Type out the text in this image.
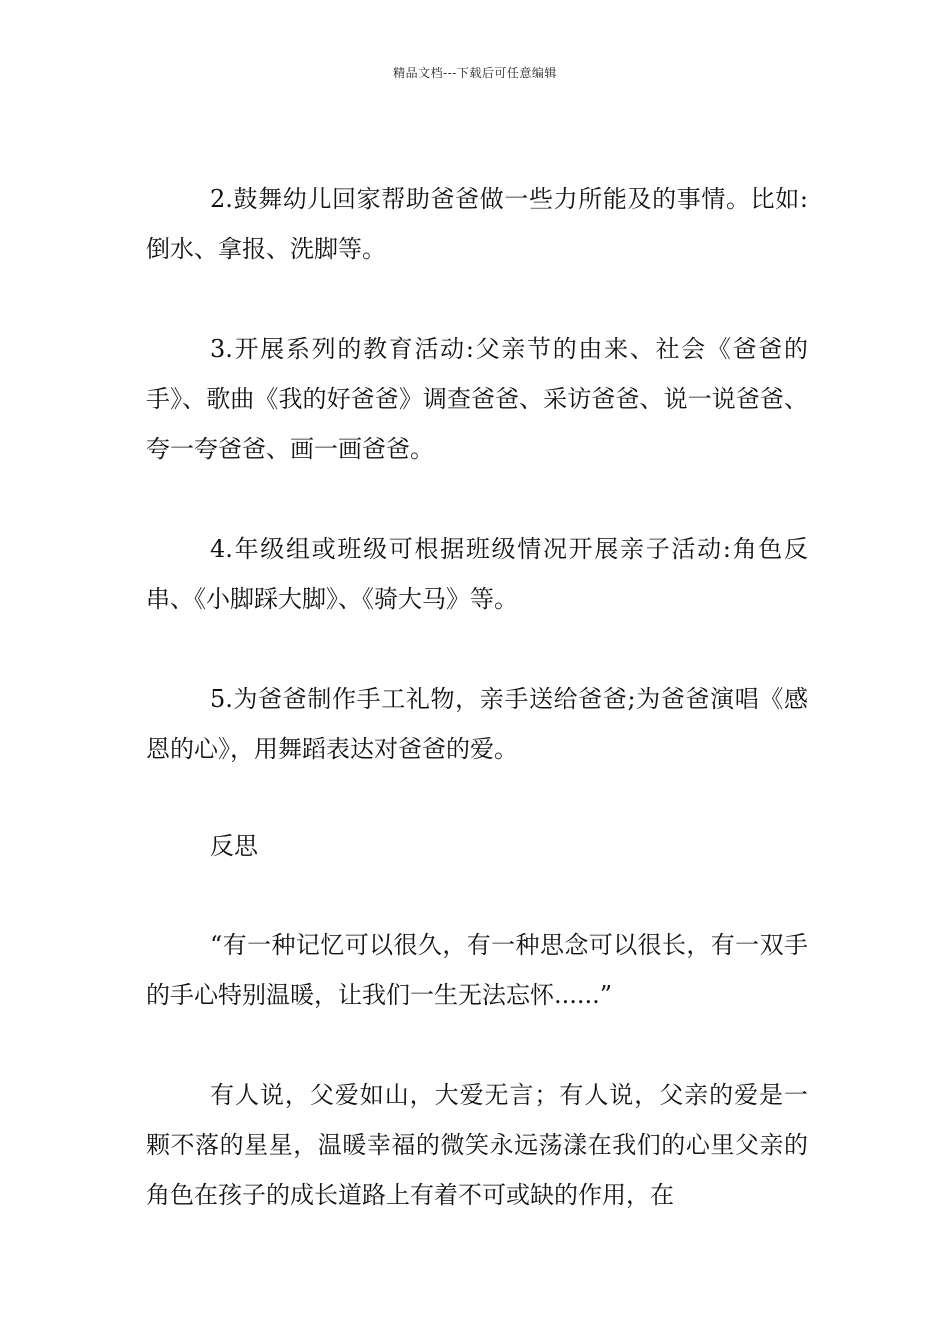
精品文档---下载后可任意编辑

2.鼓舞幼儿回家帮助爸爸做一些力所能及的事情。比如:倒水、拿报、洗脚等。

3.开展系列的教育活动:父亲节的由来、社会《爸爸的手》、歌曲《我的好爸爸》调查爸爸、采访爸爸、说一说爸爸、夸一夸爸爸、画一画爸爸。

4.年级组或班级可根据班级情况开展亲子活动:角色反串、《小脚踩大脚》、《骑大马》等。

5.为爸爸制作手工礼物，亲手送给爸爸;为爸爸演唱《感恩的心》，用舞蹈表达对爸爸的爱。

反思

“有一种记忆可以很久，有一种思念可以很长，有一双手的手心特别温暖，让我们一生无法忘怀......”

有人说，父爱如山，大爱无言；有人说，父亲的爱是一颗不落的星星，温暖幸福的微笑永远荡漾在我们的心里父亲的角色在孩子的成长道路上有着不可或缺的作用，在
